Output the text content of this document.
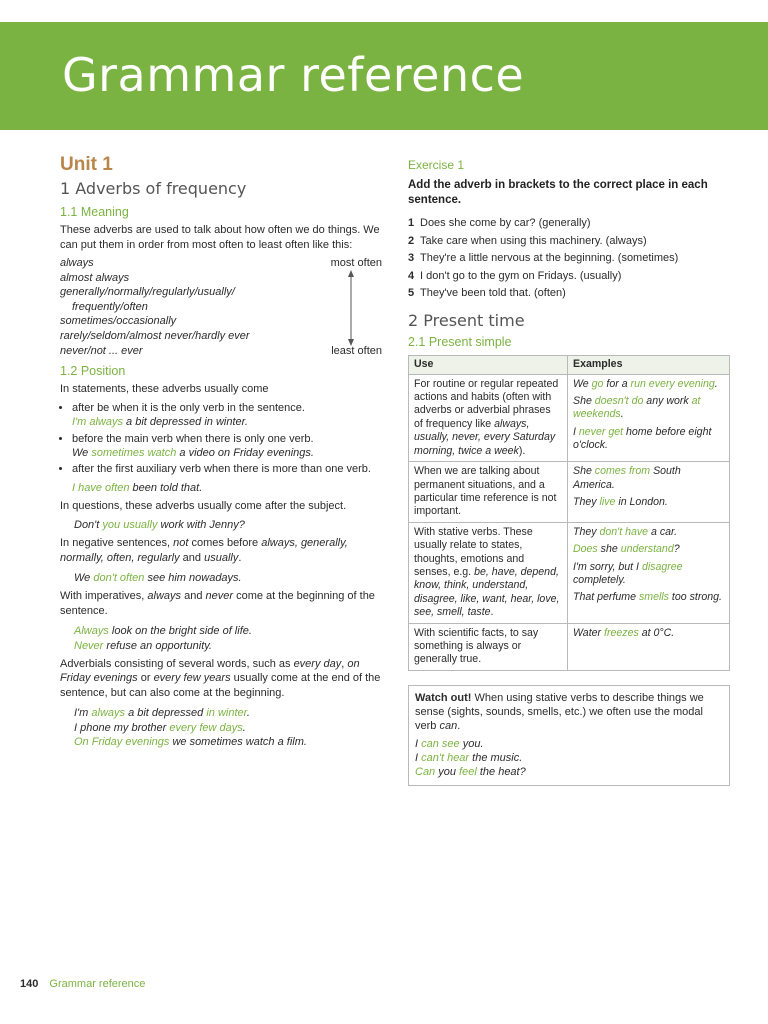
Grammar reference
Unit 1
1 Adverbs of frequency
1.1 Meaning

These adverbs are used to talk about how often we do things. We can put them in order from most often to least often like this:

always
almost always
generally/normally/regularly/usually/
frequently/often
sometimes/occasionally
rarely/seldom/almost never/hardly ever
never/not ... ever
most often
least often
1.2 Position

In statements, these adverbs usually come

• after be when it is the only verb in the sentence.
I'm always a bit depressed in winter.
• before the main verb when there is only one verb.
We sometimes watch a video on Friday evenings.
• after the first auxiliary verb when there is more than one verb.
I have often been told that.

In questions, these adverbs usually come after the subject.

Don't you usually work with Jenny?

In negative sentences, not comes before always, generally, normally, often, regularly and usually.

We don't often see him nowadays.

With imperatives, always and never come at the beginning of the sentence.

Always look on the bright side of life.
Never refuse an opportunity.

Adverbials consisting of several words, such as every day, on Friday evenings or every few years usually come at the end of the sentence, but can also come at the beginning.

I'm always a bit depressed in winter.
I phone my brother every few days.
On Friday evenings we sometimes watch a film.
Exercise 1
Add the adverb in brackets to the correct place in each sentence.
1 Does she come by car? (generally)
2 Take care when using this machinery. (always)
3 They're a little nervous at the beginning. (sometimes)
4 I don't go to the gym on Fridays. (usually)
5 They've been told that. (often)
2 Present time
2.1 Present simple
Use	Examples
For routine or regular repeated actions and habits (often with adverbs or adverbial phrases of frequency like always, usually, never, every Saturday morning, twice a week).	We go for a run every evening.
She doesn't do any work at weekends.
I never get home before eight o'clock.

When we are talking about permanent situations, and a particular time reference is not important.	She comes from South America.
They live in London.

With stative verbs. These usually relate to states, thoughts, emotions and senses, e.g. be, have, depend, know, think, understand, disagree, like, want, hear, love, see, smell, taste.	They don't have a car.
Does she understand?
I'm sorry, but I disagree completely.
That perfume smells too strong.

With scientific facts, to say something is always or generally true.	Water freezes at 0°C.
Watch out! When using stative verbs to describe things we sense (sights, sounds, smells, etc.) we often use the modal verb can.
I can see you.
I can't hear the music.
Can you feel the heat?
140 Grammar reference
